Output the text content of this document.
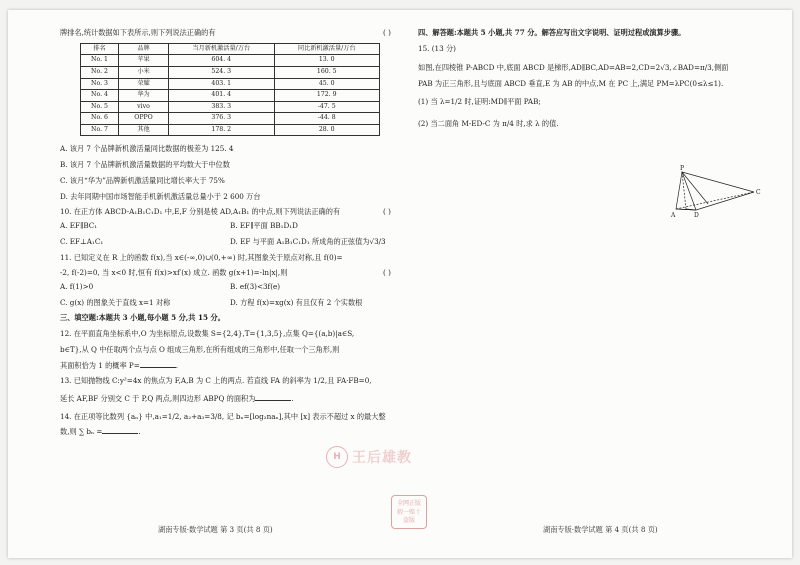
牌排名,统计数据如下表所示,则下列说法正确的有	( )
排名	品牌	当月新机激活量/万台	同比新机激活量/万台
No. 1	苹果	604. 4	13. 0
No. 2	小米	524. 3	160. 5
No. 3	荣耀	403. 1	45. 0
No. 4	华为	401. 4	172. 9
No. 5	vivo	383. 3	-47. 5
No. 6	OPPO	376. 3	-44. 8
No. 7	其他	178. 2	28. 0
A. 该月 7 个品牌新机激活量同比数据的极差为 125. 4
B. 该月 7 个品牌新机激活量数据的平均数大于中位数
C. 该月“华为”品牌新机激活量同比增长率大于 75%
D. 去年同期中国市场智能手机新机激活量总量小于 2 600 万台
10. 在正方体 ABCD-A₁B₁C₁D₁ 中,E,F 分别是棱 AD,A₁B₁ 的中点,则下列说法正确的有	( )
A. EF∥BC₁	B. EF∥平面 BB₁D₁D
C. EF⊥A₁C₁	D. EF 与平面 A₁B₁C₁D₁ 所成角的正弦值为√3/3
11. 已知定义在 R 上的函数 f(x),当 x∈(-∞,0)∪(0,+∞) 时,其图象关于原点对称,且 f(0)=
-2, f(-2)=0, 当 x<0 时,恒有 f(x)>xf′(x) 成立. 函数 g(x+1)=-ln|x|,则	( )
A. f(1)>0	B. ef(3)<3f(e)
C. g(x) 的图象关于直线 x=1 对称	D. 方程 f(x)=xg(x) 有且仅有 2 个实数根
三、填空题:本题共 3 小题,每小题 5 分,共 15 分。
12. 在平面直角坐标系中,O 为坐标原点,设数集 S={2,4},T={1,3,5},点集 Q={(a,b)|a∈S,
b∈T},从 Q 中任取两个点与点 O 组成三角形,在所有组成的三角形中,任取一个三角形,则
其面积恰为 1 的概率 P=	.
13. 已知抛物线 C:y²=4x 的焦点为 F,A,B 为 C 上的两点. 若直线 FA 的斜率为 1/2,且 FA·FB=0,
延长 AF,BF 分别交 C 于 P,Q 两点,则四边形 ABPQ 的面积为	.
14. 在正项等比数列 {aₙ} 中,a₁=1/2, a₂+a₃=3/8, 记 bₙ=[log₂naₙ],其中 [x] 表示不超过 x 的最大整
数,则 ∑ bₙ =	.
四、解答题:本题共 5 小题,共 77 分。解答应写出文字说明、证明过程或演算步骤。
15. (13 分)
如图,在四棱锥 P-ABCD 中,底面 ABCD 是梯形,AD∥BC,AD=AB=2,CD=2√3,∠BAD=π/3,侧面
PAB 为正三角形,且与底面 ABCD 垂直,E 为 AB 的中点,M 在 PC 上,满足 PM=λPC(0≤λ≤1).
(1) 当 λ=1/2 时,证明:MD∥平面 PAB;
(2) 当二面角 M-ED-C 为 π/4 时,求 λ 的值.
P
A	D
C
H 王后雄教
全网正版
假一赔十
盗版
湖南专版·数学试题 第 3 页(共 8 页)	湖南专版·数学试题 第 4 页(共 8 页)
